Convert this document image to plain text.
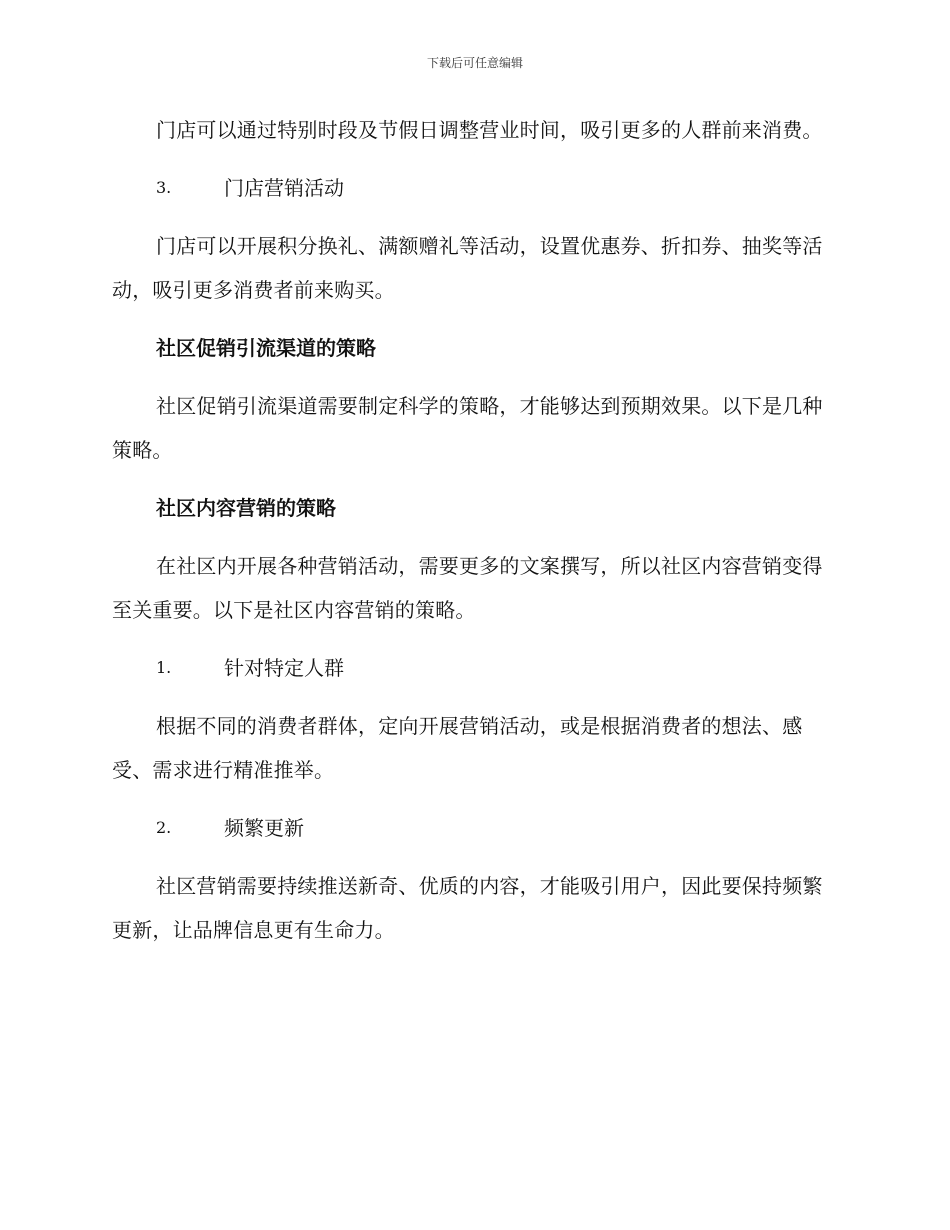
下载后可任意编辑

门店可以通过特别时段及节假日调整营业时间，吸引更多的人群前来消费。

3.	门店营销活动

门店可以开展积分换礼、满额赠礼等活动，设置优惠券、折扣券、抽奖等活动，吸引更多消费者前来购买。

社区促销引流渠道的策略

社区促销引流渠道需要制定科学的策略，才能够达到预期效果。以下是几种策略。

社区内容营销的策略

在社区内开展各种营销活动，需要更多的文案撰写，所以社区内容营销变得至关重要。以下是社区内容营销的策略。

1.	针对特定人群

根据不同的消费者群体，定向开展营销活动，或是根据消费者的想法、感受、需求进行精准推举。

2.	频繁更新

社区营销需要持续推送新奇、优质的内容，才能吸引用户，因此要保持频繁更新，让品牌信息更有生命力。
